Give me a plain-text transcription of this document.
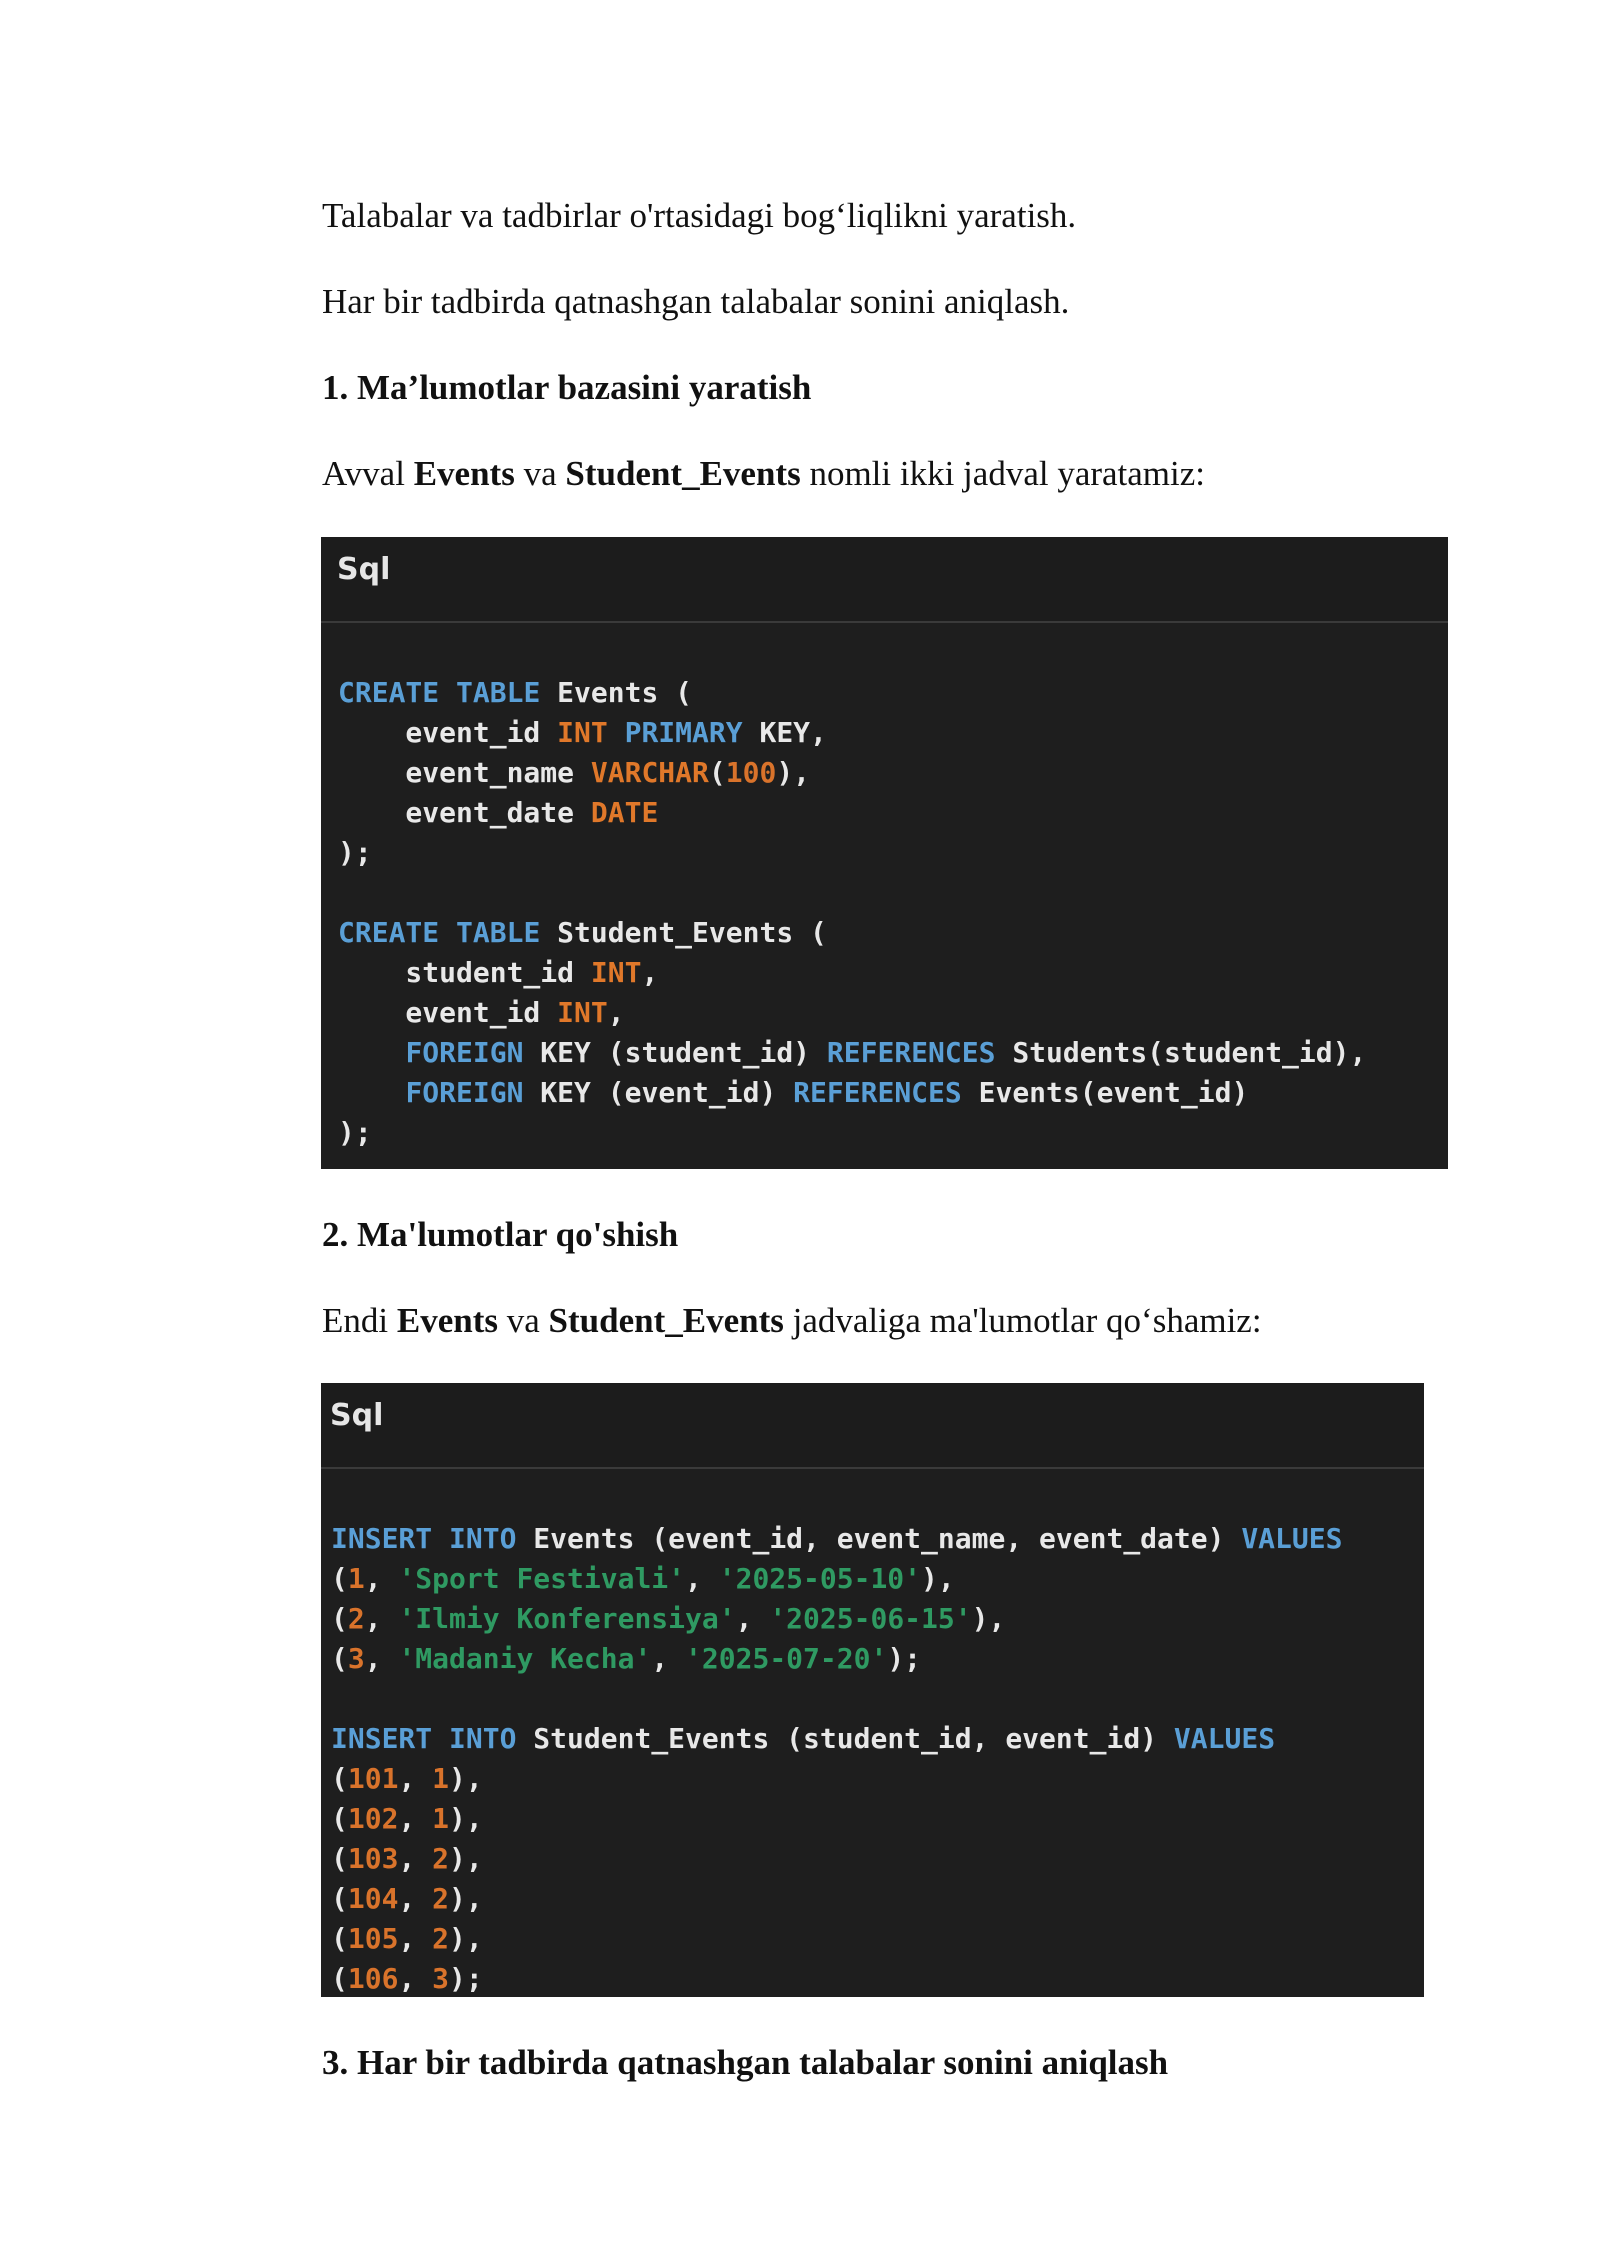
Talabalar va tadbirlar o'rtasidagi bog‘liqlikni yaratish.

Har bir tadbirda qatnashgan talabalar sonini aniqlash.

1. Ma’lumotlar bazasini yaratish

Avval Events va Student_Events nomli ikki jadval yaratamiz:

Sql
CREATE TABLE Events (
event_id INT PRIMARY KEY,
event_name VARCHAR(100),
event_date DATE
);
CREATE TABLE Student_Events (
student_id INT,
event_id INT,
FOREIGN KEY (student_id) REFERENCES Students(student_id),
FOREIGN KEY (event_id) REFERENCES Events(event_id)
);

2. Ma'lumotlar qo'shish

Endi Events va Student_Events jadvaliga ma'lumotlar qo‘shamiz:

Sql
INSERT INTO Events (event_id, event_name, event_date) VALUES
(1, 'Sport Festivali', '2025-05-10'),
(2, 'Ilmiy Konferensiya', '2025-06-15'),
(3, 'Madaniy Kecha', '2025-07-20');
INSERT INTO Student_Events (student_id, event_id) VALUES
(101, 1),
(102, 1),
(103, 2),
(104, 2),
(105, 2),
(106, 3);

3. Har bir tadbirda qatnashgan talabalar sonini aniqlash
